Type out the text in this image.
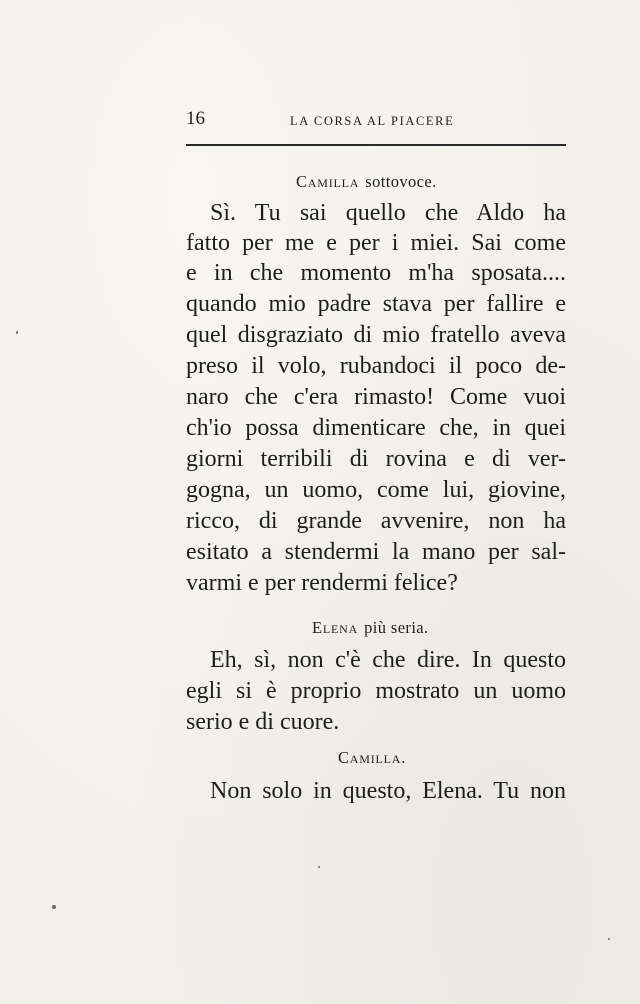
16	LA CORSA AL PIACERE
Camilla sottovoce.
Sì. Tu sai quello che Aldo ha
fatto per me e per i miei. Sai come
e in che momento m'ha sposata....
quando mio padre stava per fallire e
quel disgraziato di mio fratello aveva
preso il volo, rubandoci il poco de-
naro che c'era rimasto! Come vuoi
ch'io possa dimenticare che, in quei
giorni terribili di rovina e di ver-
gogna, un uomo, come lui, giovine,
ricco, di grande avvenire, non ha
esitato a stendermi la mano per sal-
varmi e per rendermi felice?
Elena più seria.
Eh, sì, non c'è che dire. In questo
egli si è proprio mostrato un uomo
serio e di cuore.
Camilla.
Non solo in questo, Elena. Tu non
